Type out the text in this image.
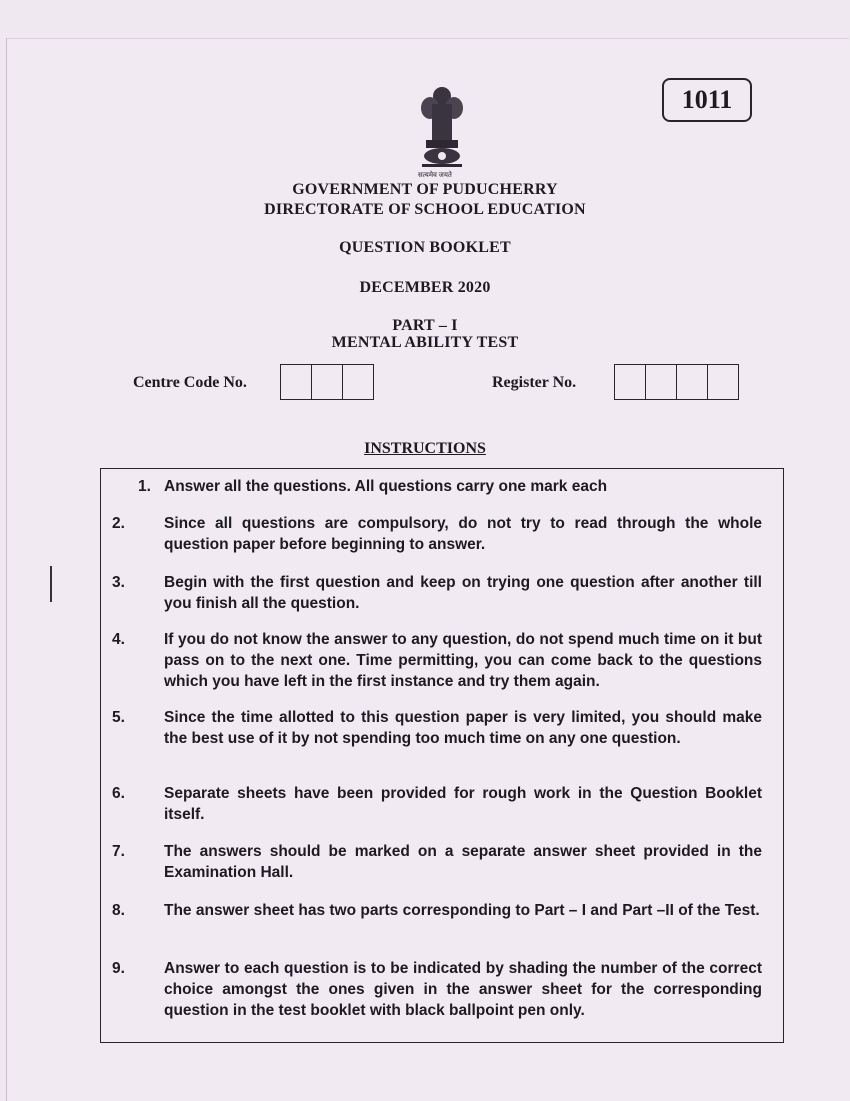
1011
सत्यमेव जयते
GOVERNMENT OF PUDUCHERRY
DIRECTORATE OF SCHOOL EDUCATION
QUESTION BOOKLET
DECEMBER 2020
PART – I
MENTAL ABILITY TEST
Centre Code No.	Register No.
INSTRUCTIONS
1. Answer all the questions. All questions carry one mark each
2.	Since all questions are compulsory, do not try to read through the whole question paper before beginning to answer.
3.	Begin with the first question and keep on trying one question after another till you finish all the question.
4.	If you do not know the answer to any question, do not spend much time on it but pass on to the next one. Time permitting, you can come back to the questions which you have left in the first instance and try them again.
5.	Since the time allotted to this question paper is very limited, you should make the best use of it by not spending too much time on any one question.
6.	Separate sheets have been provided for rough work in the Question Booklet itself.
7.	The answers should be marked on a separate answer sheet provided in the Examination Hall.
8.	The answer sheet has two parts corresponding to Part – I and Part –II of the Test.
9.	Answer to each question is to be indicated by shading the number of the correct choice amongst the ones given in the answer sheet for the corresponding question in the test booklet with black ballpoint pen only.
